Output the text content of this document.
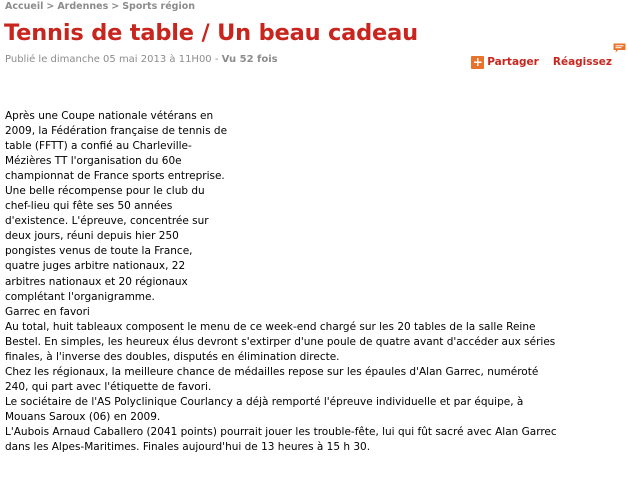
Accueil > Ardennes > Sports région
Tennis de table / Un beau cadeau
Publié le dimanche 05 mai 2013 à 11H00 - Vu 52 fois	+ Partager Réagissez
Après une Coupe nationale vétérans en
2009, la Fédération française de tennis de
table (FFTT) a confié au Charleville-
Mézières TT l'organisation du 60e
championnat de France sports entreprise.
Une belle récompense pour le club du
chef-lieu qui fête ses 50 années
d'existence. L'épreuve, concentrée sur
deux jours, réuni depuis hier 250
pongistes venus de toute la France,
quatre juges arbitre nationaux, 22
arbitres nationaux et 20 régionaux
complétant l'organigramme.
Garrec en favori
Au total, huit tableaux composent le menu de ce week-end chargé sur les 20 tables de la salle Reine
Bestel. En simples, les heureux élus devront s'extirper d'une poule de quatre avant d'accéder aux séries
finales, à l'inverse des doubles, disputés en élimination directe.
Chez les régionaux, la meilleure chance de médailles repose sur les épaules d'Alan Garrec, numéroté
240, qui part avec l'étiquette de favori.
Le sociétaire de l'AS Polyclinique Courlancy a déjà remporté l'épreuve individuelle et par équipe, à
Mouans Saroux (06) en 2009.
L'Aubois Arnaud Caballero (2041 points) pourrait jouer les trouble-fête, lui qui fût sacré avec Alan Garrec
dans les Alpes-Maritimes. Finales aujourd'hui de 13 heures à 15 h 30.
